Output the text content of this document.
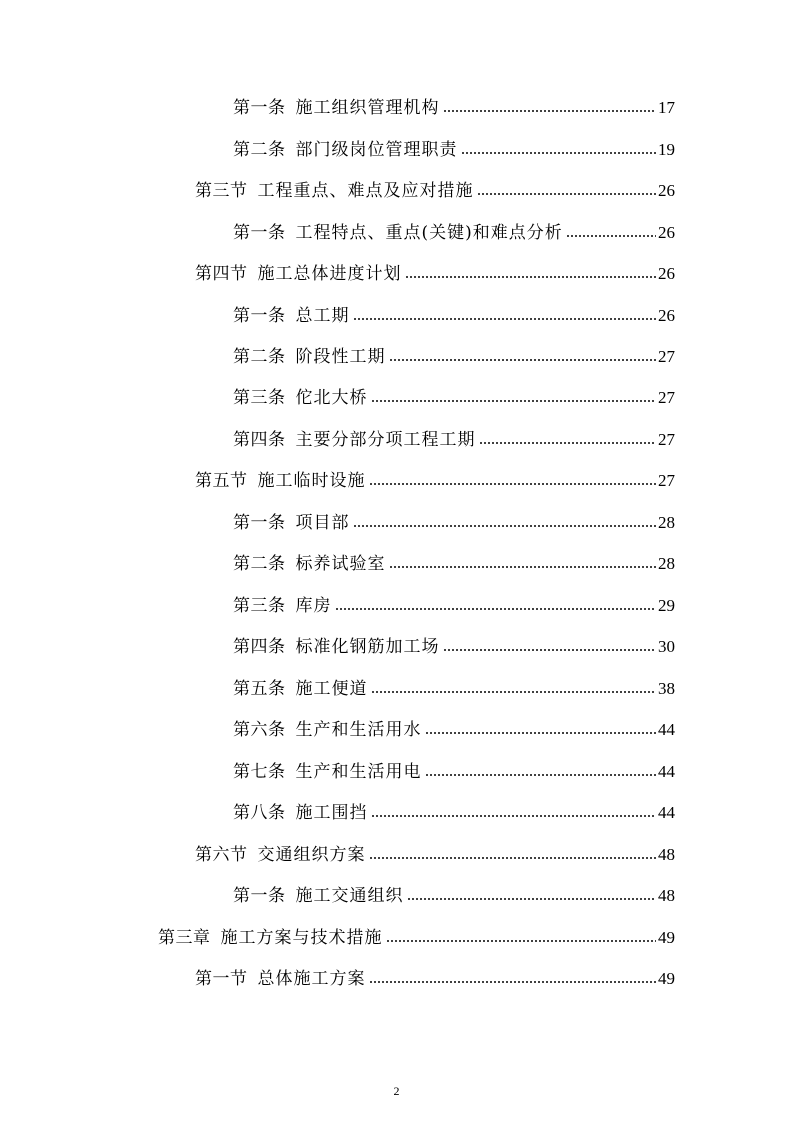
第一条 施工组织管理机构	17
第二条 部门级岗位管理职责	19
第三节 工程重点、难点及应对措施	26
第一条 工程特点、重点(关键)和难点分析	26
第四节 施工总体进度计划	26
第一条 总工期	26
第二条 阶段性工期	27
第三条 佗北大桥	27
第四条 主要分部分项工程工期	27
第五节 施工临时设施	27
第一条 项目部	28
第二条 标养试验室	28
第三条 库房	29
第四条 标准化钢筋加工场	30
第五条 施工便道	38
第六条 生产和生活用水	44
第七条 生产和生活用电	44
第八条 施工围挡	44
第六节 交通组织方案	48
第一条 施工交通组织	48
第三章 施工方案与技术措施	49
第一节 总体施工方案	49
2
